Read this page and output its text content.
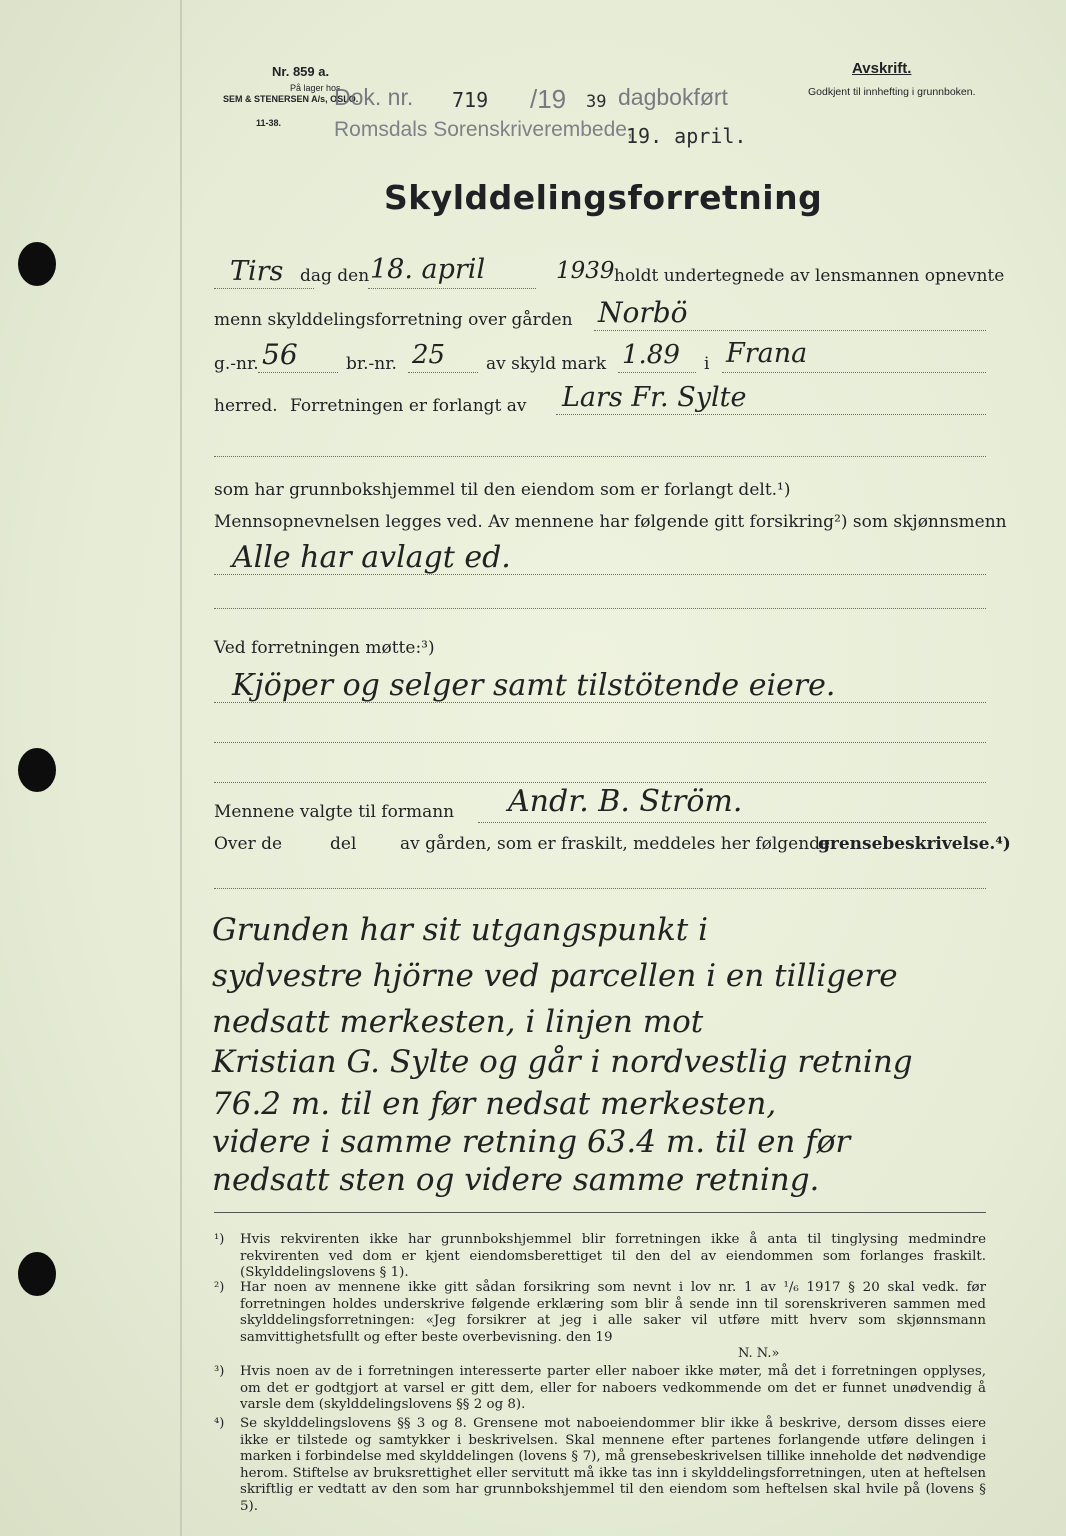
Nr. 859 a.
På lager hos
SEM & STENERSEN A/s, OSLO.
11-38.
Avskrift.
Godkjent til innhefting i grunnboken.
Dok. nr. 719 /19 39 dagbokført
Romsdals Sorenskriverembede,
19. april.
Skylddelingsforretning
Tirs dag den 18. april	1939 holdt undertegnede av lensmannen opnevnte
menn skylddelingsforretning over gården Norbö
g.-nr. 56	br.-nr. 25 av skyld mark 1.89 i Frana
herred. Forretningen er forlangt av Lars Fr. Sylte
som har grunnbokshjemmel til den eiendom som er forlangt delt.¹)
Mennsopnevnelsen legges ved. Av mennene har følgende gitt forsikring²) som skjønnsmenn
Alle har avlagt ed.
Ved forretningen møtte:³)
Kjöper og selger samt tilstötende eiere.
Mennene valgte til formann Andr. B. Ström.
Over de	del	av gården, som er fraskilt, meddeles her følgende
grensebeskrivelse.⁴)
Grunden har sit utgangspunkt i
sydvestre hjörne ved parcellen i en tilligere
nedsatt merkesten, i linjen mot
Kristian G. Sylte og går i nordvestlig retning
76.2 m. til en før nedsat merkesten,
videre i samme retning 63.4 m. til en før
nedsatt sten og videre samme retning.
¹) Hvis rekvirenten ikke har grunnbokshjemmel blir forretningen ikke å anta til tinglysing medmindre rekvirenten ved dom er kjent eiendomsberettiget til den del av eiendommen som forlanges fraskilt. (Skylddelingslovens § 1).
²) Har noen av mennene ikke gitt sådan forsikring som nevnt i lov nr. 1 av ¹/₆ 1917 § 20 skal vedk. før forretningen holdes underskrive følgende erklæring som blir å sende inn til sorenskriveren sammen med skylddelingsforretningen: «Jeg forsikrer at jeg i alle saker vil utføre mitt hverv som skjønnsmann samvittighetsfullt og efter beste overbevisning. den 19
N. N.»
³) Hvis noen av de i forretningen interesserte parter eller naboer ikke møter, må det i forretningen opplyses, om det er godtgjort at varsel er gitt dem, eller for naboers vedkommende om det er funnet unødvendig å varsle dem (skylddelingslovens §§ 2 og 8).
⁴) Se skylddelingslovens §§ 3 og 8. Grensene mot naboeiendommer blir ikke å beskrive, dersom disses eiere ikke er tilstede og samtykker i beskrivelsen. Skal mennene efter partenes forlangende utføre delingen i marken i forbindelse med skylddelingen (lovens § 7), må grensebeskrivelsen tillike inneholde det nødvendige herom. Stiftelse av bruksrettighet eller servitutt må ikke tas inn i skylddelingsforretningen, uten at heftelsen skriftlig er vedtatt av den som har grunnbokshjemmel til den eiendom som heftelsen skal hvile på (lovens § 5).
